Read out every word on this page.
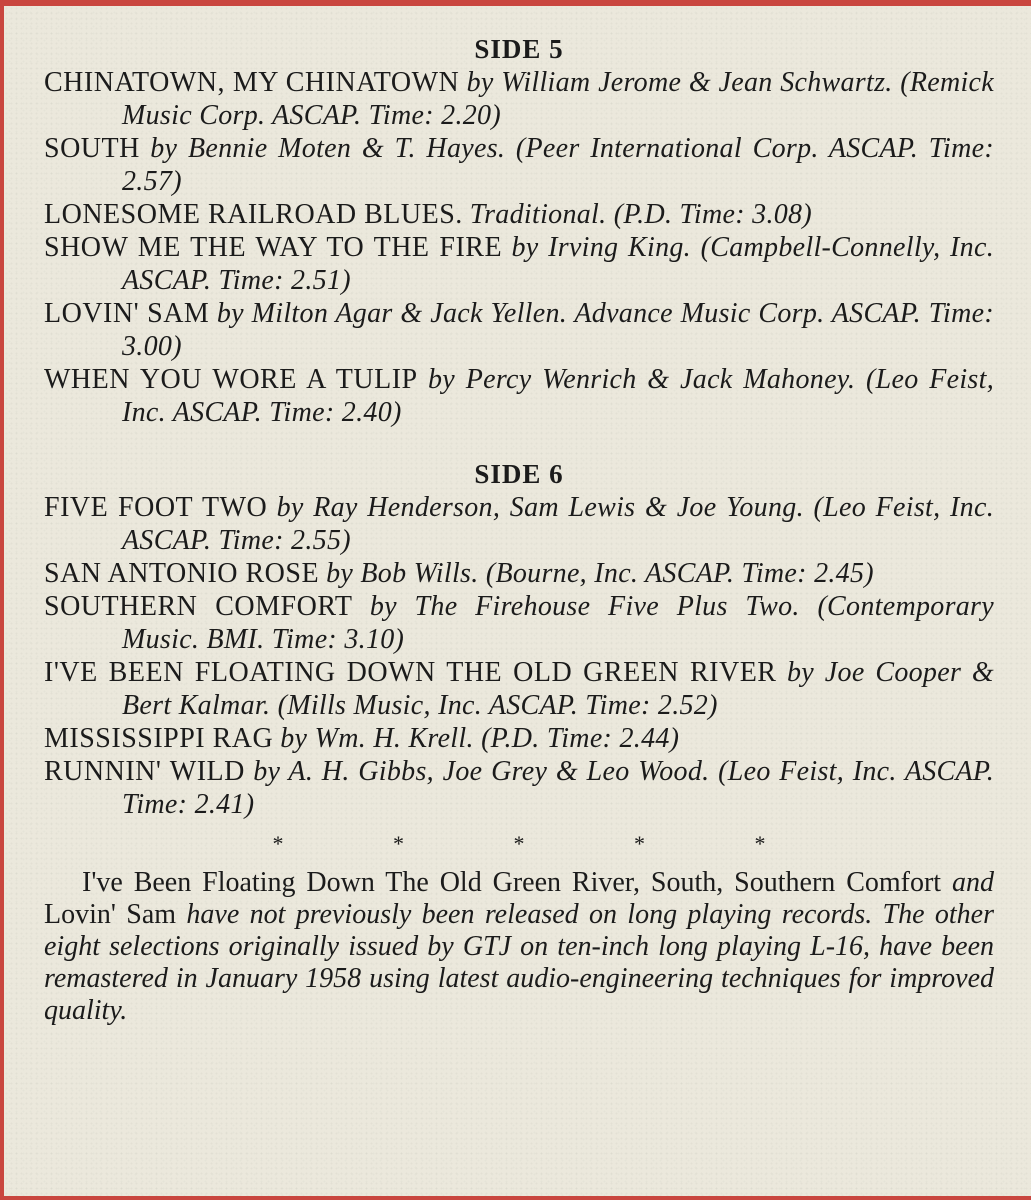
SIDE 5

CHINATOWN, MY CHINATOWN by William Jerome & Jean Schwartz. (Remick Music Corp. ASCAP. Time: 2.20)

SOUTH by Bennie Moten & T. Hayes. (Peer International Corp. ASCAP. Time: 2.57)

LONESOME RAILROAD BLUES. Traditional. (P.D. Time: 3.08)

SHOW ME THE WAY TO THE FIRE by Irving King. (Campbell-Connelly, Inc. ASCAP. Time: 2.51)

LOVIN' SAM by Milton Agar & Jack Yellen. Advance Music Corp. ASCAP. Time: 3.00)

WHEN YOU WORE A TULIP by Percy Wenrich & Jack Mahoney. (Leo Feist, Inc. ASCAP. Time: 2.40)

SIDE 6

FIVE FOOT TWO by Ray Henderson, Sam Lewis & Joe Young. (Leo Feist, Inc. ASCAP. Time: 2.55)

SAN ANTONIO ROSE by Bob Wills. (Bourne, Inc. ASCAP. Time: 2.45)

SOUTHERN COMFORT by The Firehouse Five Plus Two. (Contemporary Music. BMI. Time: 3.10)

I'VE BEEN FLOATING DOWN THE OLD GREEN RIVER by Joe Cooper & Bert Kalmar. (Mills Music, Inc. ASCAP. Time: 2.52)

MISSISSIPPI RAG by Wm. H. Krell. (P.D. Time: 2.44)

RUNNIN' WILD by A. H. Gibbs, Joe Grey & Leo Wood. (Leo Feist, Inc. ASCAP. Time: 2.41)

* * * * *

I've Been Floating Down The Old Green River, South, Southern Comfort and Lovin' Sam have not previously been released on long playing records. The other eight selections originally issued by GTJ on ten-inch long playing L-16, have been remastered in January 1958 using latest audio-engineering techniques for improved quality.
